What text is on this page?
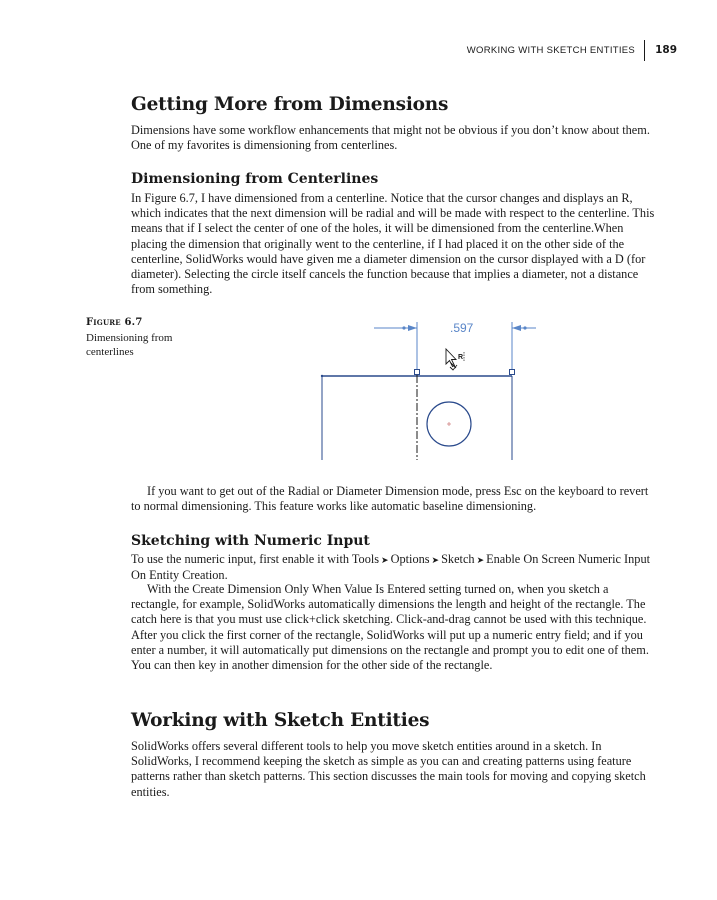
WORKING WITH SKETCH ENTITIES	189
Getting More from Dimensions

Dimensions have some workflow enhancements that might not be obvious if you don’t know about them. One of my favorites is dimensioning from centerlines.

Dimensioning from Centerlines

In Figure 6.7, I have dimensioned from a centerline. Notice that the cursor changes and displays an R, which indicates that the next dimension will be radial and will be made with respect to the centerline. This means that if I select the center of one of the holes, it will be dimensioned from the centerline.When placing the dimension that originally went to the centerline, if I had placed it on the other side of the centerline, SolidWorks would have given me a diameter dimension on the cursor displayed with a D (for diameter). Selecting the circle itself cancels the function because that implies a diameter, not a distance from something.

Figure 6.7
Dimensioning from centerlines
.597
R

If you want to get out of the Radial or Diameter Dimension mode, press Esc on the keyboard to revert to normal dimensioning. This feature works like automatic baseline dimensioning.

Sketching with Numeric Input

To use the numeric input, first enable it with Tools ➤ Options ➤ Sketch ➤ Enable On Screen Numeric Input On Entity Creation.

With the Create Dimension Only When Value Is Entered setting turned on, when you sketch a rectangle, for example, SolidWorks automatically dimensions the length and height of the rectangle. The catch here is that you must use click+click sketching. Click-and-drag cannot be used with this technique. After you click the first corner of the rectangle, SolidWorks will put up a numeric entry field; and if you enter a number, it will automatically put dimensions on the rectangle and prompt you to edit one of them. You can then key in another dimension for the other side of the rectangle.

Working with Sketch Entities

SolidWorks offers several different tools to help you move sketch entities around in a sketch. In SolidWorks, I recommend keeping the sketch as simple as you can and creating patterns using feature patterns rather than sketch patterns. This section discusses the main tools for moving and copying sketch entities.
